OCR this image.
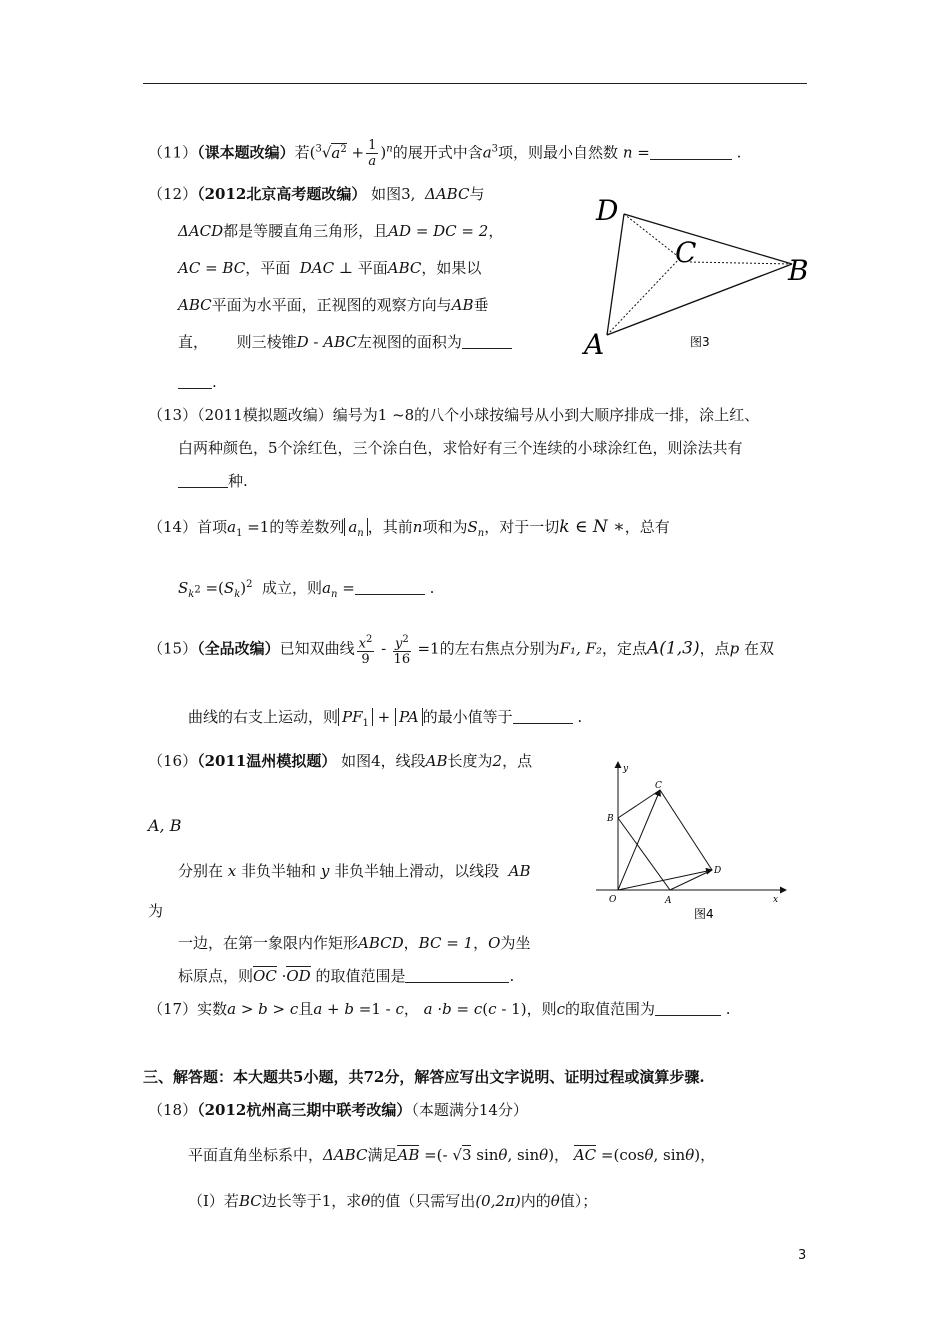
（11）（课本题改编）若$(^3√a^2 + \frac{1}{a} )^n$的展开式中含$a^3$项，则最小自然数 n =	.
（12）（2012北京高考题改编） 如图3, ΔABC与
ΔACD都是等腰直角三角形，且AD = DC = 2，
AC = BC，平面 DAC ⊥ 平面ABC，如果以
ABC平面为水平面，正视图的观察方向与AB垂
直， 则三棱锥D - ABC左视图的面积为
.
D
C
B
A	图3
（13）（2011模拟题改编）编号为1 ~8的八个小球按编号从小到大顺序排成一排，涂上红、
白两种颜色，5个涂红色，三个涂白色，求恰好有三个连续的小球涂红色，则涂法共有
种.
（14）首项$a_1 =1$的等差数列 $a_n$ ，其前n项和为$S_n$，对于一切k ∈ N ∗，总有
$S_{k^2} =(S_k)^2$ 成立，则$a_n$ =	.
（15）（全品改编）已知双曲线 $\frac{x^2}{9} - \frac{y^2}{16} =1$的左右焦点分别为F₁, F₂，定点A(1,3)，点p 在双
曲线的右支上运动，则 $PF_1$ + PA 的最小值等于	.
（16）（2011温州模拟题） 如图4，线段AB长度为2，点
A, B
分别在 x 非负半轴和 y 非负半轴上滑动，以线段 AB
为
一边，在第一象限内作矩形ABCD，BC = 1，O为坐
标原点，则OC ·OD 的取值范围是	.
y
x
O	A
B
C
D
图4
（17）实数a > b > c且a + b =1 - c， a ·b = c(c - 1)，则c的取值范围为	.
三、解答题：本大题共5小题，共72分，解答应写出文字说明、证明过程或演算步骤.
（18）（2012杭州高三期中联考改编）（本题满分14分）
平面直角坐标系中，ΔABC满足AB =(- √3 sinθ, sinθ)， AC =(cosθ, sinθ)，
（Ⅰ）若BC边长等于1，求θ的值（只需写出(0,2π)内的θ值）；
3
